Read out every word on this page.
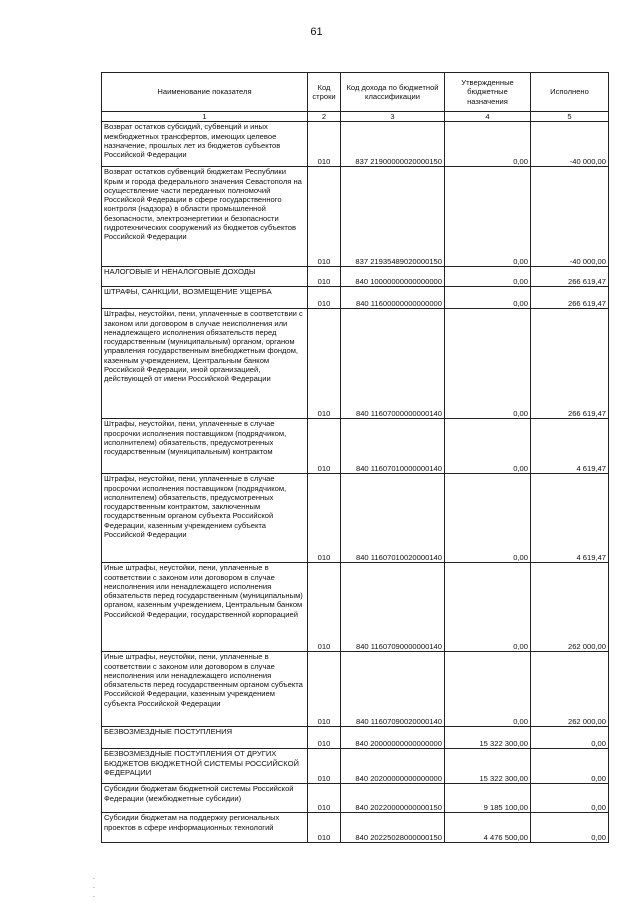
61
Наименование показателя	Код строки	Код дохода по бюджетной классификации	Утвержденные бюджетные назначения	Исполнено
1	2	3	4	5
Возврат остатков субсидий, субвенций и иных межбюджетных трансфертов, имеющих целевое назначение, прошлых лет из бюджетов субъектов Российской Федерации	010	837 21900000020000150	0,00	-40 000,00
Возврат остатков субвенций бюджетам Республики Крым и города федерального значения Севастополя на осуществление части переданных полномочий Российской Федерации в сфере государственного контроля (надзора) в области промышленной безопасности, электроэнергетики и безопасности гидротехнических сооружений из бюджетов субъектов Российской Федерации	010	837 21935489020000150	0,00	-40 000,00
НАЛОГОВЫЕ И НЕНАЛОГОВЫЕ ДОХОДЫ	010	840 10000000000000000	0,00	266 619,47
ШТРАФЫ, САНКЦИИ, ВОЗМЕЩЕНИЕ УЩЕРБА	010	840 11600000000000000	0,00	266 619,47
Штрафы, неустойки, пени, уплаченные в соответствии с законом или договором в случае неисполнения или ненадлежащего исполнения обязательств перед государственным (муниципальным) органом, органом управления государственным внебюджетным фондом, казенным учреждением, Центральным банком Российской Федерации, иной организацией, действующей от имени Российской Федерации	010	840 11607000000000140	0,00	266 619,47
Штрафы, неустойки, пени, уплаченные в случае просрочки исполнения поставщиком (подрядчиком, исполнителем) обязательств, предусмотренных государственным (муниципальным) контрактом	010	840 11607010000000140	0,00	4 619,47
Штрафы, неустойки, пени, уплаченные в случае просрочки исполнения поставщиком (подрядчиком, исполнителем) обязательств, предусмотренных государственным контрактом, заключенным государственным органом субъекта Российской Федерации, казенным учреждением субъекта Российской Федерации	010	840 11607010020000140	0,00	4 619,47
Иные штрафы, неустойки, пени, уплаченные в соответствии с законом или договором в случае неисполнения или ненадлежащего исполнения обязательств перед государственным (муниципальным) органом, казенным учреждением, Центральным банком Российской Федерации, государственной корпорацией	010	840 11607090000000140	0,00	262 000,00
Иные штрафы, неустойки, пени, уплаченные в соответствии с законом или договором в случае неисполнения или ненадлежащего исполнения обязательств перед государственным органом субъекта Российской Федерации, казенным учреждением субъекта Российской Федерации	010	840 11607090020000140	0,00	262 000,00
БЕЗВОЗМЕЗДНЫЕ ПОСТУПЛЕНИЯ	010	840 20000000000000000	15 322 300,00	0,00
БЕЗВОЗМЕЗДНЫЕ ПОСТУПЛЕНИЯ ОТ ДРУГИХ БЮДЖЕТОВ БЮДЖЕТНОЙ СИСТЕМЫ РОССИЙСКОЙ ФЕДЕРАЦИИ	010	840 20200000000000000	15 322 300,00	0,00
Субсидии бюджетам бюджетной системы Российской Федерации (межбюджетные субсидии)	010	840 20220000000000150	9 185 100,00	0,00
Субсидии бюджетам на поддержку региональных проектов в сфере информационных технологий	010	840 20225028000000150	4 476 500,00	0,00
.
.
.
